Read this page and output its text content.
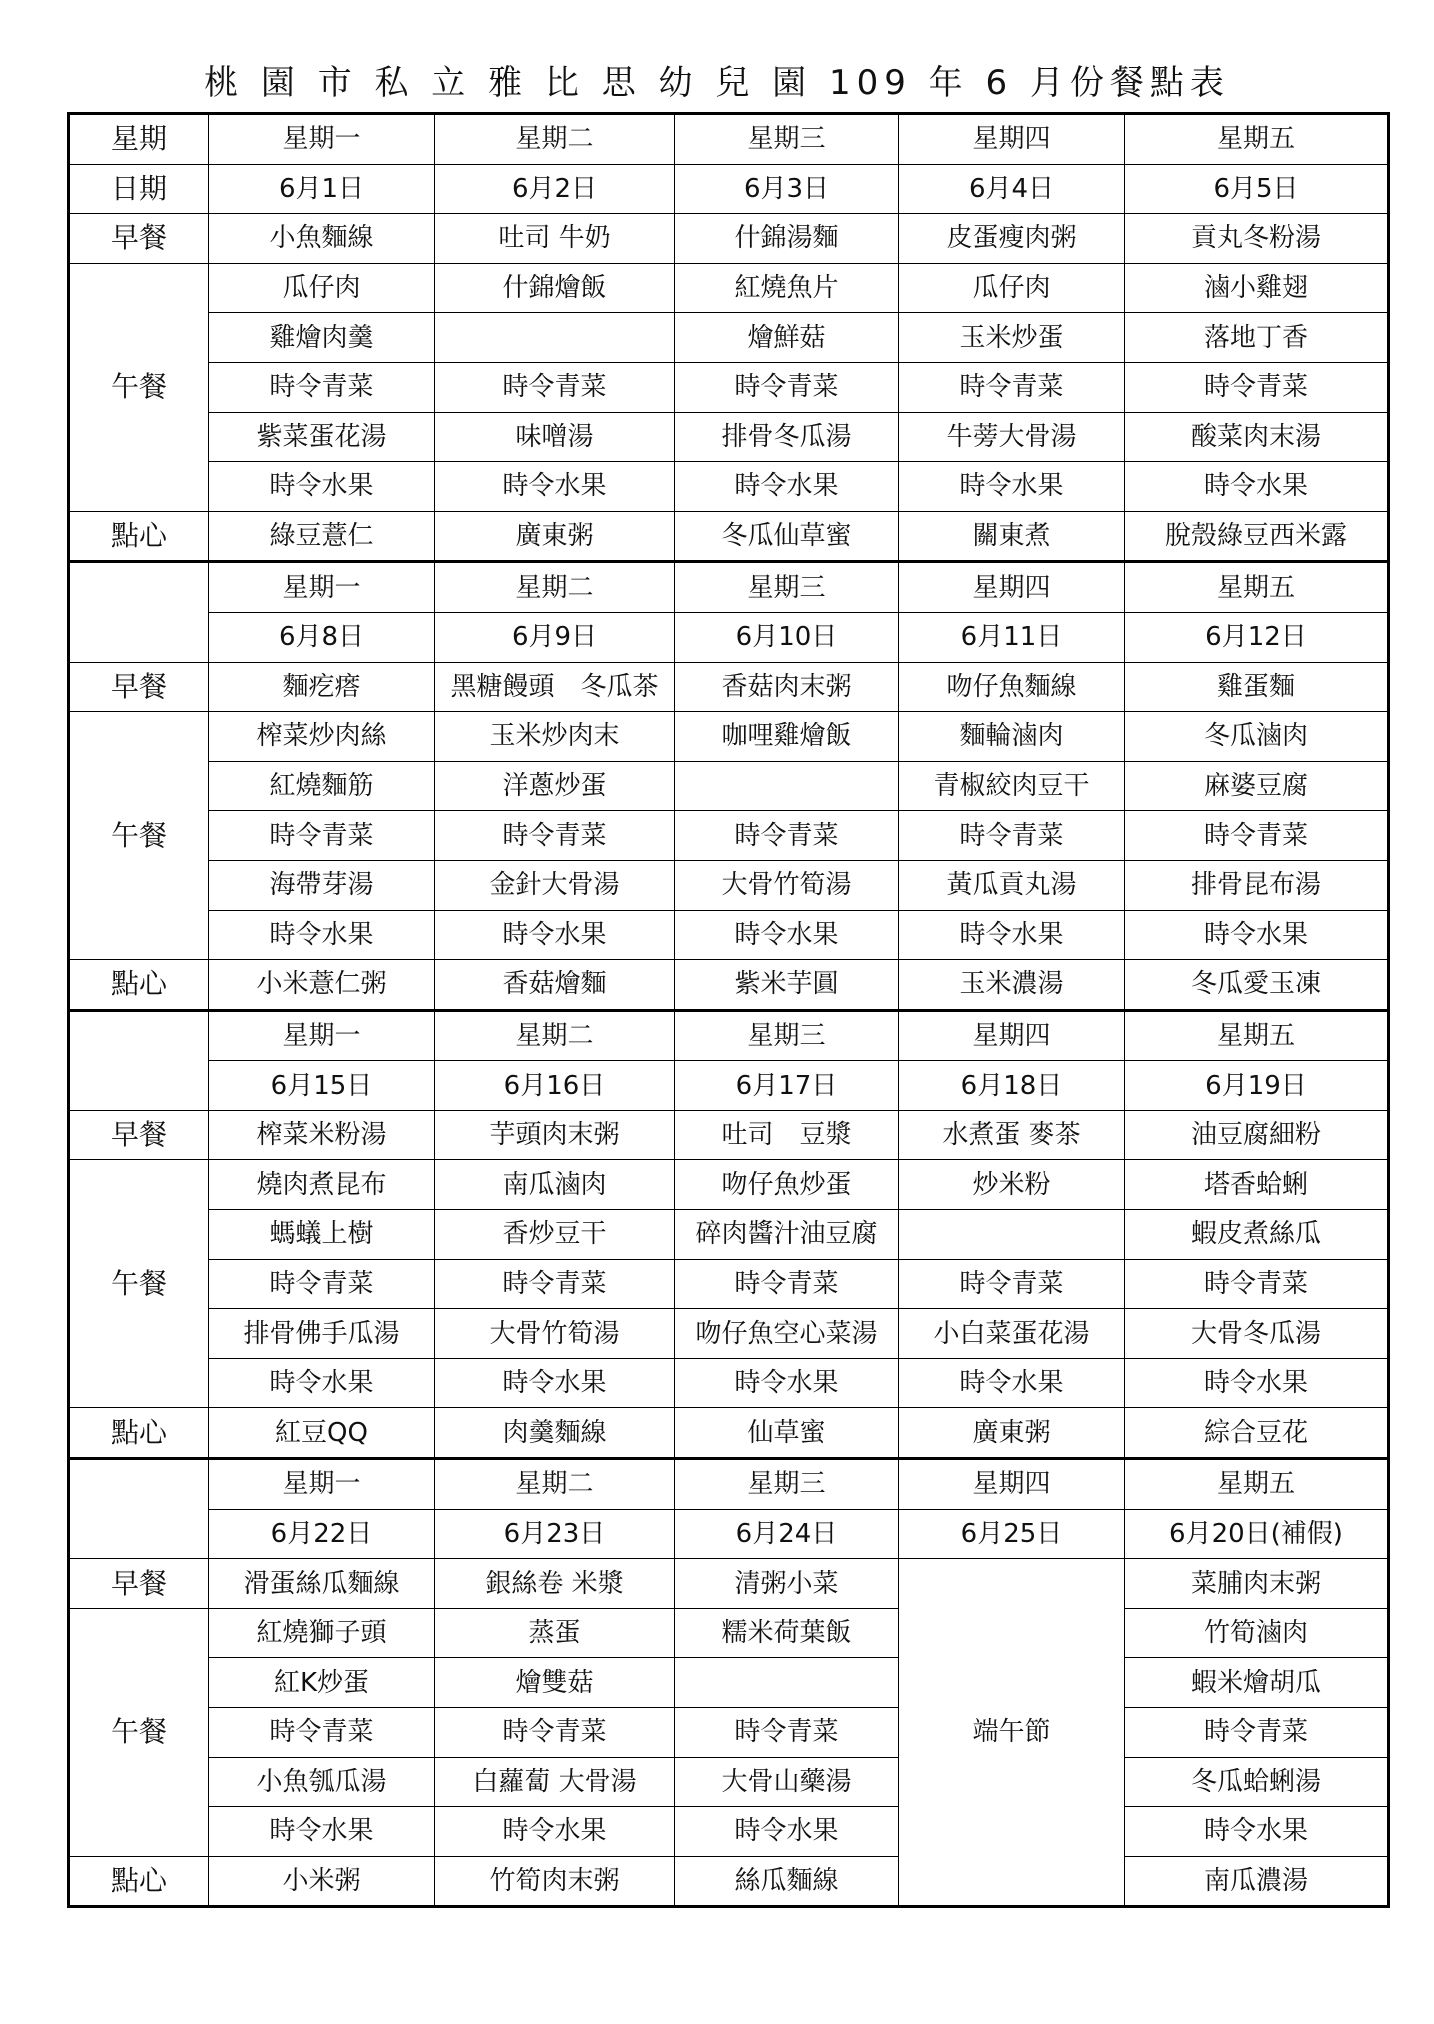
桃 園 市 私 立 雅 比 思 幼 兒 園 109 年 6 月份餐點表
星期	星期一	星期二	星期三	星期四	星期五
日期	6月1日	6月2日	6月3日	6月4日	6月5日
早餐	小魚麵線	吐司 牛奶	什錦湯麵	皮蛋瘦肉粥	貢丸冬粉湯
午餐	瓜仔肉	什錦燴飯	紅燒魚片	瓜仔肉	滷小雞翅
	雞燴肉羹		燴鮮菇	玉米炒蛋	落地丁香
	時令青菜	時令青菜	時令青菜	時令青菜	時令青菜
	紫菜蛋花湯	味噌湯	排骨冬瓜湯	牛蒡大骨湯	酸菜肉末湯
	時令水果	時令水果	時令水果	時令水果	時令水果
點心	綠豆薏仁	廣東粥	冬瓜仙草蜜	關東煮	脫殼綠豆西米露
	星期一	星期二	星期三	星期四	星期五
	6月8日	6月9日	6月10日	6月11日	6月12日
早餐	麵疙瘩	黑糖饅頭　冬瓜茶	香菇肉末粥	吻仔魚麵線	雞蛋麵
午餐	榨菜炒肉絲	玉米炒肉末	咖哩雞燴飯	麵輪滷肉	冬瓜滷肉
	紅燒麵筋	洋蔥炒蛋		青椒絞肉豆干	麻婆豆腐
	時令青菜	時令青菜	時令青菜	時令青菜	時令青菜
	海帶芽湯	金針大骨湯	大骨竹筍湯	黃瓜貢丸湯	排骨昆布湯
	時令水果	時令水果	時令水果	時令水果	時令水果
點心	小米薏仁粥	香菇燴麵	紫米芋圓	玉米濃湯	冬瓜愛玉凍
	星期一	星期二	星期三	星期四	星期五
	6月15日	6月16日	6月17日	6月18日	6月19日
早餐	榨菜米粉湯	芋頭肉末粥	吐司　豆漿	水煮蛋 麥茶	油豆腐細粉
午餐	燒肉煮昆布	南瓜滷肉	吻仔魚炒蛋	炒米粉	塔香蛤蜊
	螞蟻上樹	香炒豆干	碎肉醬汁油豆腐		蝦皮煮絲瓜
	時令青菜	時令青菜	時令青菜	時令青菜	時令青菜
	排骨佛手瓜湯	大骨竹筍湯	吻仔魚空心菜湯	小白菜蛋花湯	大骨冬瓜湯
	時令水果	時令水果	時令水果	時令水果	時令水果
點心	紅豆QQ	肉羹麵線	仙草蜜	廣東粥	綜合豆花
	星期一	星期二	星期三	星期四	星期五
	6月22日	6月23日	6月24日	6月25日	6月20日(補假)
早餐	滑蛋絲瓜麵線	銀絲卷 米漿	清粥小菜	端午節	菜脯肉末粥
午餐	紅燒獅子頭	蒸蛋	糯米荷葉飯		竹筍滷肉
	紅K炒蛋	燴雙菇			蝦米燴胡瓜
	時令青菜	時令青菜	時令青菜		時令青菜
	小魚瓠瓜湯	白蘿蔔 大骨湯	大骨山藥湯		冬瓜蛤蜊湯
	時令水果	時令水果	時令水果		時令水果
點心	小米粥	竹筍肉末粥	絲瓜麵線		南瓜濃湯
